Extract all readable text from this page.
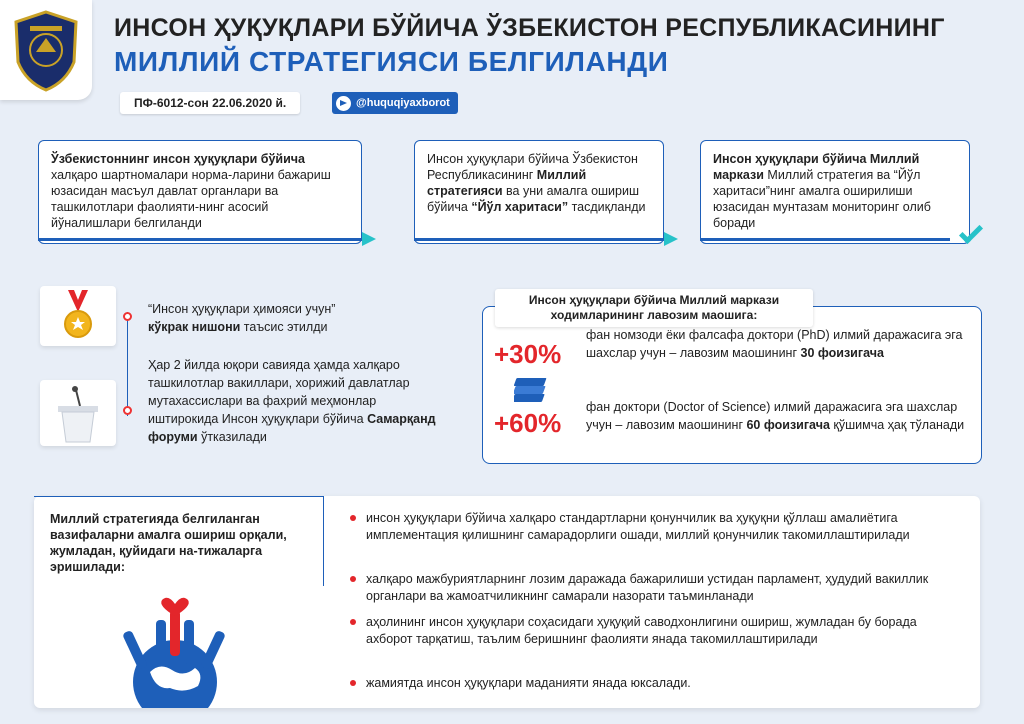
ИНСОН ҲУҚУҚЛАРИ БЎЙИЧА ЎЗБЕКИСТОН РЕСПУБЛИКАСИНИНГ
МИЛЛИЙ СТРАТЕГИЯСИ БЕЛГИЛАНДИ
ПФ-6012-сон 22.06.2020 й.	@huquqiyaxborot
Ўзбекистоннинг инсон ҳуқуқлари бўйича халқаро шартномалари норма-ларини бажариш юзасидан масъул давлат органлари ва ташкилотлари фаолияти-нинг асосий йўналишлари белгиланди
Инсон ҳуқуқлари бўйича Ўзбекистон Республикасининг Миллий стратегияси ва уни амалга ошириш бўйича “Йўл харитаси” тасдиқланди
Инсон ҳуқуқлари бўйича Миллий маркази Миллий стратегия ва “Йўл харитаси”нинг амалга оширилиши юзасидан мунтазам мониторинг олиб боради
“Инсон ҳуқуқлари ҳимояси учун”
кўкрак нишони таъсис этилди
Ҳар 2 йилда юқори савияда ҳамда халқаро ташкилотлар вакиллари, хорижий давлатлар мутахассислари ва фахрий меҳмонлар иштирокида Инсон ҳуқуқлари бўйича Самарқанд форуми ўтказилади
Инсон ҳуқуқлари бўйича Миллий маркази ходимларининг лавозим маошига:
+30%
+60%
фан номзоди ёки фалсафа доктори (PhD) илмий даражасига эга шахслар учун – лавозим маошининг 30 фоизигача
фан доктори (Doctor of Science) илмий даражасига эга шахслар учун – лавозим маошининг 60 фоизигача қўшимча ҳақ тўланади
Миллий стратегияда белгиланган вазифаларни амалга ошириш орқали, жумладан, қуйидаги на-тижаларга эришилади:
инсон ҳуқуқлари бўйича халқаро стандартларни қонунчилик ва ҳуқуқни қўллаш амалиётига имплементация қилишнинг самарадорлиги ошади, миллий қонунчилик такомиллаштирилади
халқаро мажбуриятларнинг лозим даражада бажарилиши устидан парламент, ҳудудий вакиллик органлари ва жамоатчиликнинг самарали назорати таъминланади
аҳолининг инсон ҳуқуқлари соҳасидаги ҳуқуқий саводхонлигини ошириш, жумладан бу борада ахборот тарқатиш, таълим беришнинг фаолияти янада такомиллаштирилади
жамиятда инсон ҳуқуқлари маданияти янада юксалади.
